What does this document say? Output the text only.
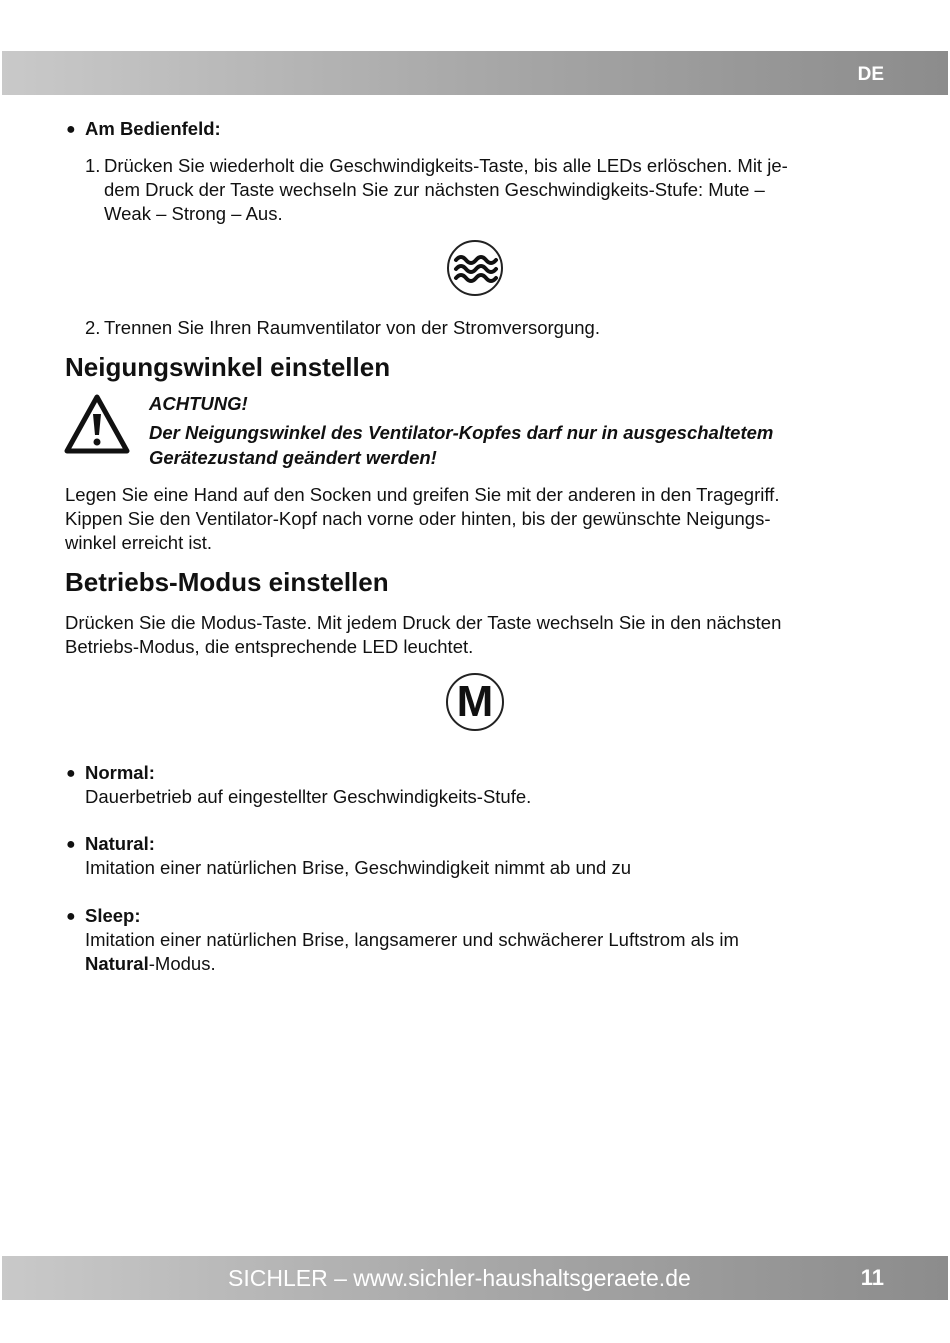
DE
● Am Bedienfeld:
1. Drücken Sie wiederholt die Geschwindigkeits-Taste, bis alle LEDs erlöschen. Mit je-
dem Druck der Taste wechseln Sie zur nächsten Geschwindigkeits-Stufe: Mute –
Weak – Strong – Aus.
2. Trennen Sie Ihren Raumventilator von der Stromversorgung.
Neigungswinkel einstellen
ACHTUNG!
Der Neigungswinkel des Ventilator-Kopfes darf nur in ausgeschaltetem
Gerätezustand geändert werden!
Legen Sie eine Hand auf den Socken und greifen Sie mit der anderen in den Tragegriff.
Kippen Sie den Ventilator-Kopf nach vorne oder hinten, bis der gewünschte Neigungs-
winkel erreicht ist.
Betriebs-Modus einstellen
Drücken Sie die Modus-Taste. Mit jedem Druck der Taste wechseln Sie in den nächsten
Betriebs-Modus, die entsprechende LED leuchtet.
M
● Normal:
Dauerbetrieb auf eingestellter Geschwindigkeits-Stufe.
● Natural:
Imitation einer natürlichen Brise, Geschwindigkeit nimmt ab und zu
● Sleep:
Imitation einer natürlichen Brise, langsamerer und schwächerer Luftstrom als im
Natural-Modus.
SICHLER – www.sichler-haushaltsgeraete.de	11
